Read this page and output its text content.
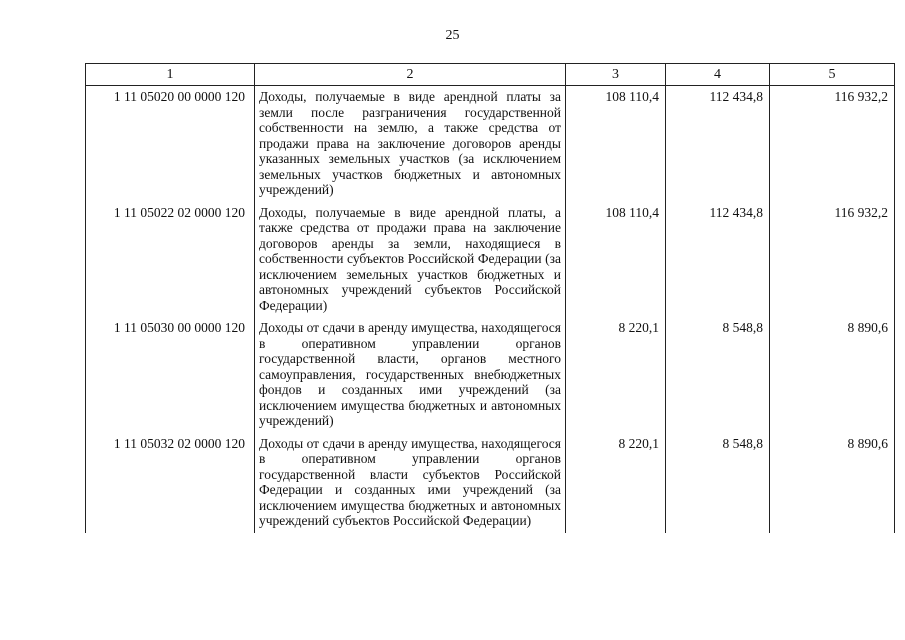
25
1	2	3	4	5
1 11 05020 00 0000 120	Доходы, получаемые в виде арендной платы за земли после разграничения государственной собственности на землю, а также средства от продажи права на заключение договоров аренды указанных земельных участков (за исключением земельных участков бюджетных и автономных учреждений)	108 110,4	112 434,8	116 932,2
1 11 05022 02 0000 120	Доходы, получаемые в виде арендной платы, а также средства от продажи права на заключение договоров аренды за земли, находящиеся в собственности субъектов Российской Федерации (за исключением земельных участков бюджетных и автономных учреждений субъектов Российской Федерации)	108 110,4	112 434,8	116 932,2
1 11 05030 00 0000 120	Доходы от сдачи в аренду имущества, находящегося в оперативном управлении органов государственной власти, органов местного самоуправления, государственных внебюджетных фондов и созданных ими учреждений (за исключением имущества бюджетных и автономных учреждений)	8 220,1	8 548,8	8 890,6
1 11 05032 02 0000 120	Доходы от сдачи в аренду имущества, находящегося в оперативном управлении органов государственной власти субъектов Российской Федерации и созданных ими учреждений (за исключением имущества бюджетных и автономных учреждений субъектов Российской Федерации)	8 220,1	8 548,8	8 890,6
